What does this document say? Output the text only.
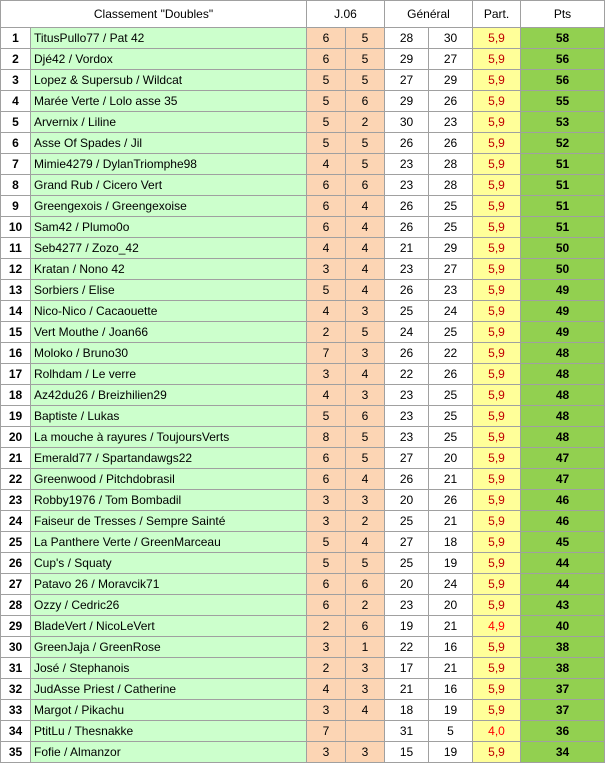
Classement "Doubles"		J.06		Général		Part.	Pts
1	TitusPullo77 / Pat 42	6	5	28	30	5,9	58
2	Djé42 / Vordox	6	5	29	27	5,9	56
3	Lopez & Supersub / Wildcat	5	5	27	29	5,9	56
4	Marée Verte / Lolo asse 35	5	6	29	26	5,9	55
5	Arvernix / Liline	5	2	30	23	5,9	53
6	Asse Of Spades / Jil	5	5	26	26	5,9	52
7	Mimie4279 / DylanTriomphe98	4	5	23	28	5,9	51
8	Grand Rub / Cicero Vert	6	6	23	28	5,9	51
9	Greengexois / Greengexoise	6	4	26	25	5,9	51
10	Sam42 / Plumo0o	6	4	26	25	5,9	51
11	Seb4277 / Zozo_42	4	4	21	29	5,9	50
12	Kratan / Nono 42	3	4	23	27	5,9	50
13	Sorbiers / Elise	5	4	26	23	5,9	49
14	Nico-Nico / Cacaouette	4	3	25	24	5,9	49
15	Vert Mouthe / Joan66	2	5	24	25	5,9	49
16	Moloko / Bruno30	7	3	26	22	5,9	48
17	Rolhdam / Le verre	3	4	22	26	5,9	48
18	Az42du26 / Breizhilien29	4	3	23	25	5,9	48
19	Baptiste / Lukas	5	6	23	25	5,9	48
20	La mouche à rayures / ToujoursVerts	8	5	23	25	5,9	48
21	Emerald77 / Spartandawgs22	6	5	27	20	5,9	47
22	Greenwood / Pitchdobrasil	6	4	26	21	5,9	47
23	Robby1976 / Tom Bombadil	3	3	20	26	5,9	46
24	Faiseur de Tresses / Sempre Sainté	3	2	25	21	5,9	46
25	La Panthere Verte / GreenMarceau	5	4	27	18	5,9	45
26	Cup's / Squaty	5	5	25	19	5,9	44
27	Patavo 26 / Moravcik71	6	6	20	24	5,9	44
28	Ozzy / Cedric26	6	2	23	20	5,9	43
29	BladeVert / NicoLeVert	2	6	19	21	4,9	40
30	GreenJaja / GreenRose	3	1	22	16	5,9	38
31	José / Stephanois	2	3	17	21	5,9	38
32	JudAsse Priest / Catherine	4	3	21	16	5,9	37
33	Margot / Pikachu	3	4	18	19	5,9	37
34	PtitLu / Thesnakke	7		31	5	4,0	36
35	Fofie / Almanzor	3	3	15	19	5,9	34
